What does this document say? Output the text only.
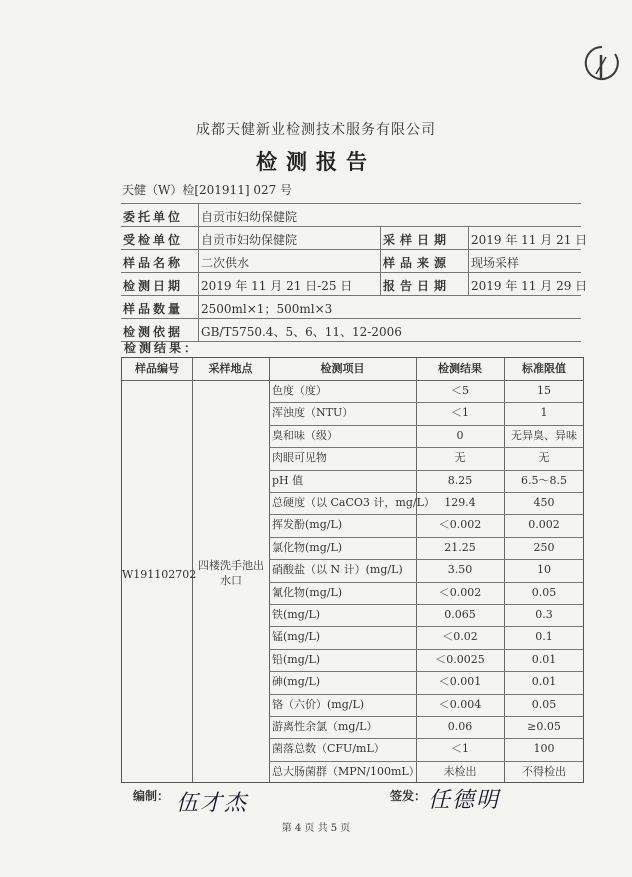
成都天健新业检测技术服务有限公司
检测报告
天健（W）检[201911] 027 号
委托单位	自贡市妇幼保健院
受检单位	自贡市妇幼保健院	采样日期	2019 年 11 月 21 日
样品名称	二次供水	样品来源	现场采样
检测日期	2019 年 11 月 21 日-25 日	报告日期	2019 年 11 月 29 日
样品数量	2500ml×1；500ml×3
检测依据	GB/T5750.4、5、6、11、12-2006
检测结果：
样品编号	采样地点	检测项目	检测结果	标准限值
W191102702
四楼洗手池出水口
色度（度）	＜5	15
浑浊度（NTU）	＜1	1
臭和味（级）	0	无异臭、异味
肉眼可见物	无	无
pH 值	8.25	6.5～8.5
总硬度（以 CaCO3 计，mg/L） 129.4	450
挥发酚(mg/L)	＜0.002	0.002
氯化物(mg/L)	21.25	250
硝酸盐（以 N 计）(mg/L)	3.50	10
氰化物(mg/L)	＜0.002	0.05
铁(mg/L)	0.065	0.3
锰(mg/L)	＜0.02	0.1
铅(mg/L)	＜0.0025	0.01
砷(mg/L)	＜0.001	0.01
铬（六价）(mg/L)	＜0.004	0.05
游离性余氯（mg/L）	0.06	≥0.05
菌落总数（CFU/mL）	＜1	100
总大肠菌群（MPN/100mL）	未检出	不得检出
编制： 伍才杰	签发： 任德明
第 4 页 共 5 页
